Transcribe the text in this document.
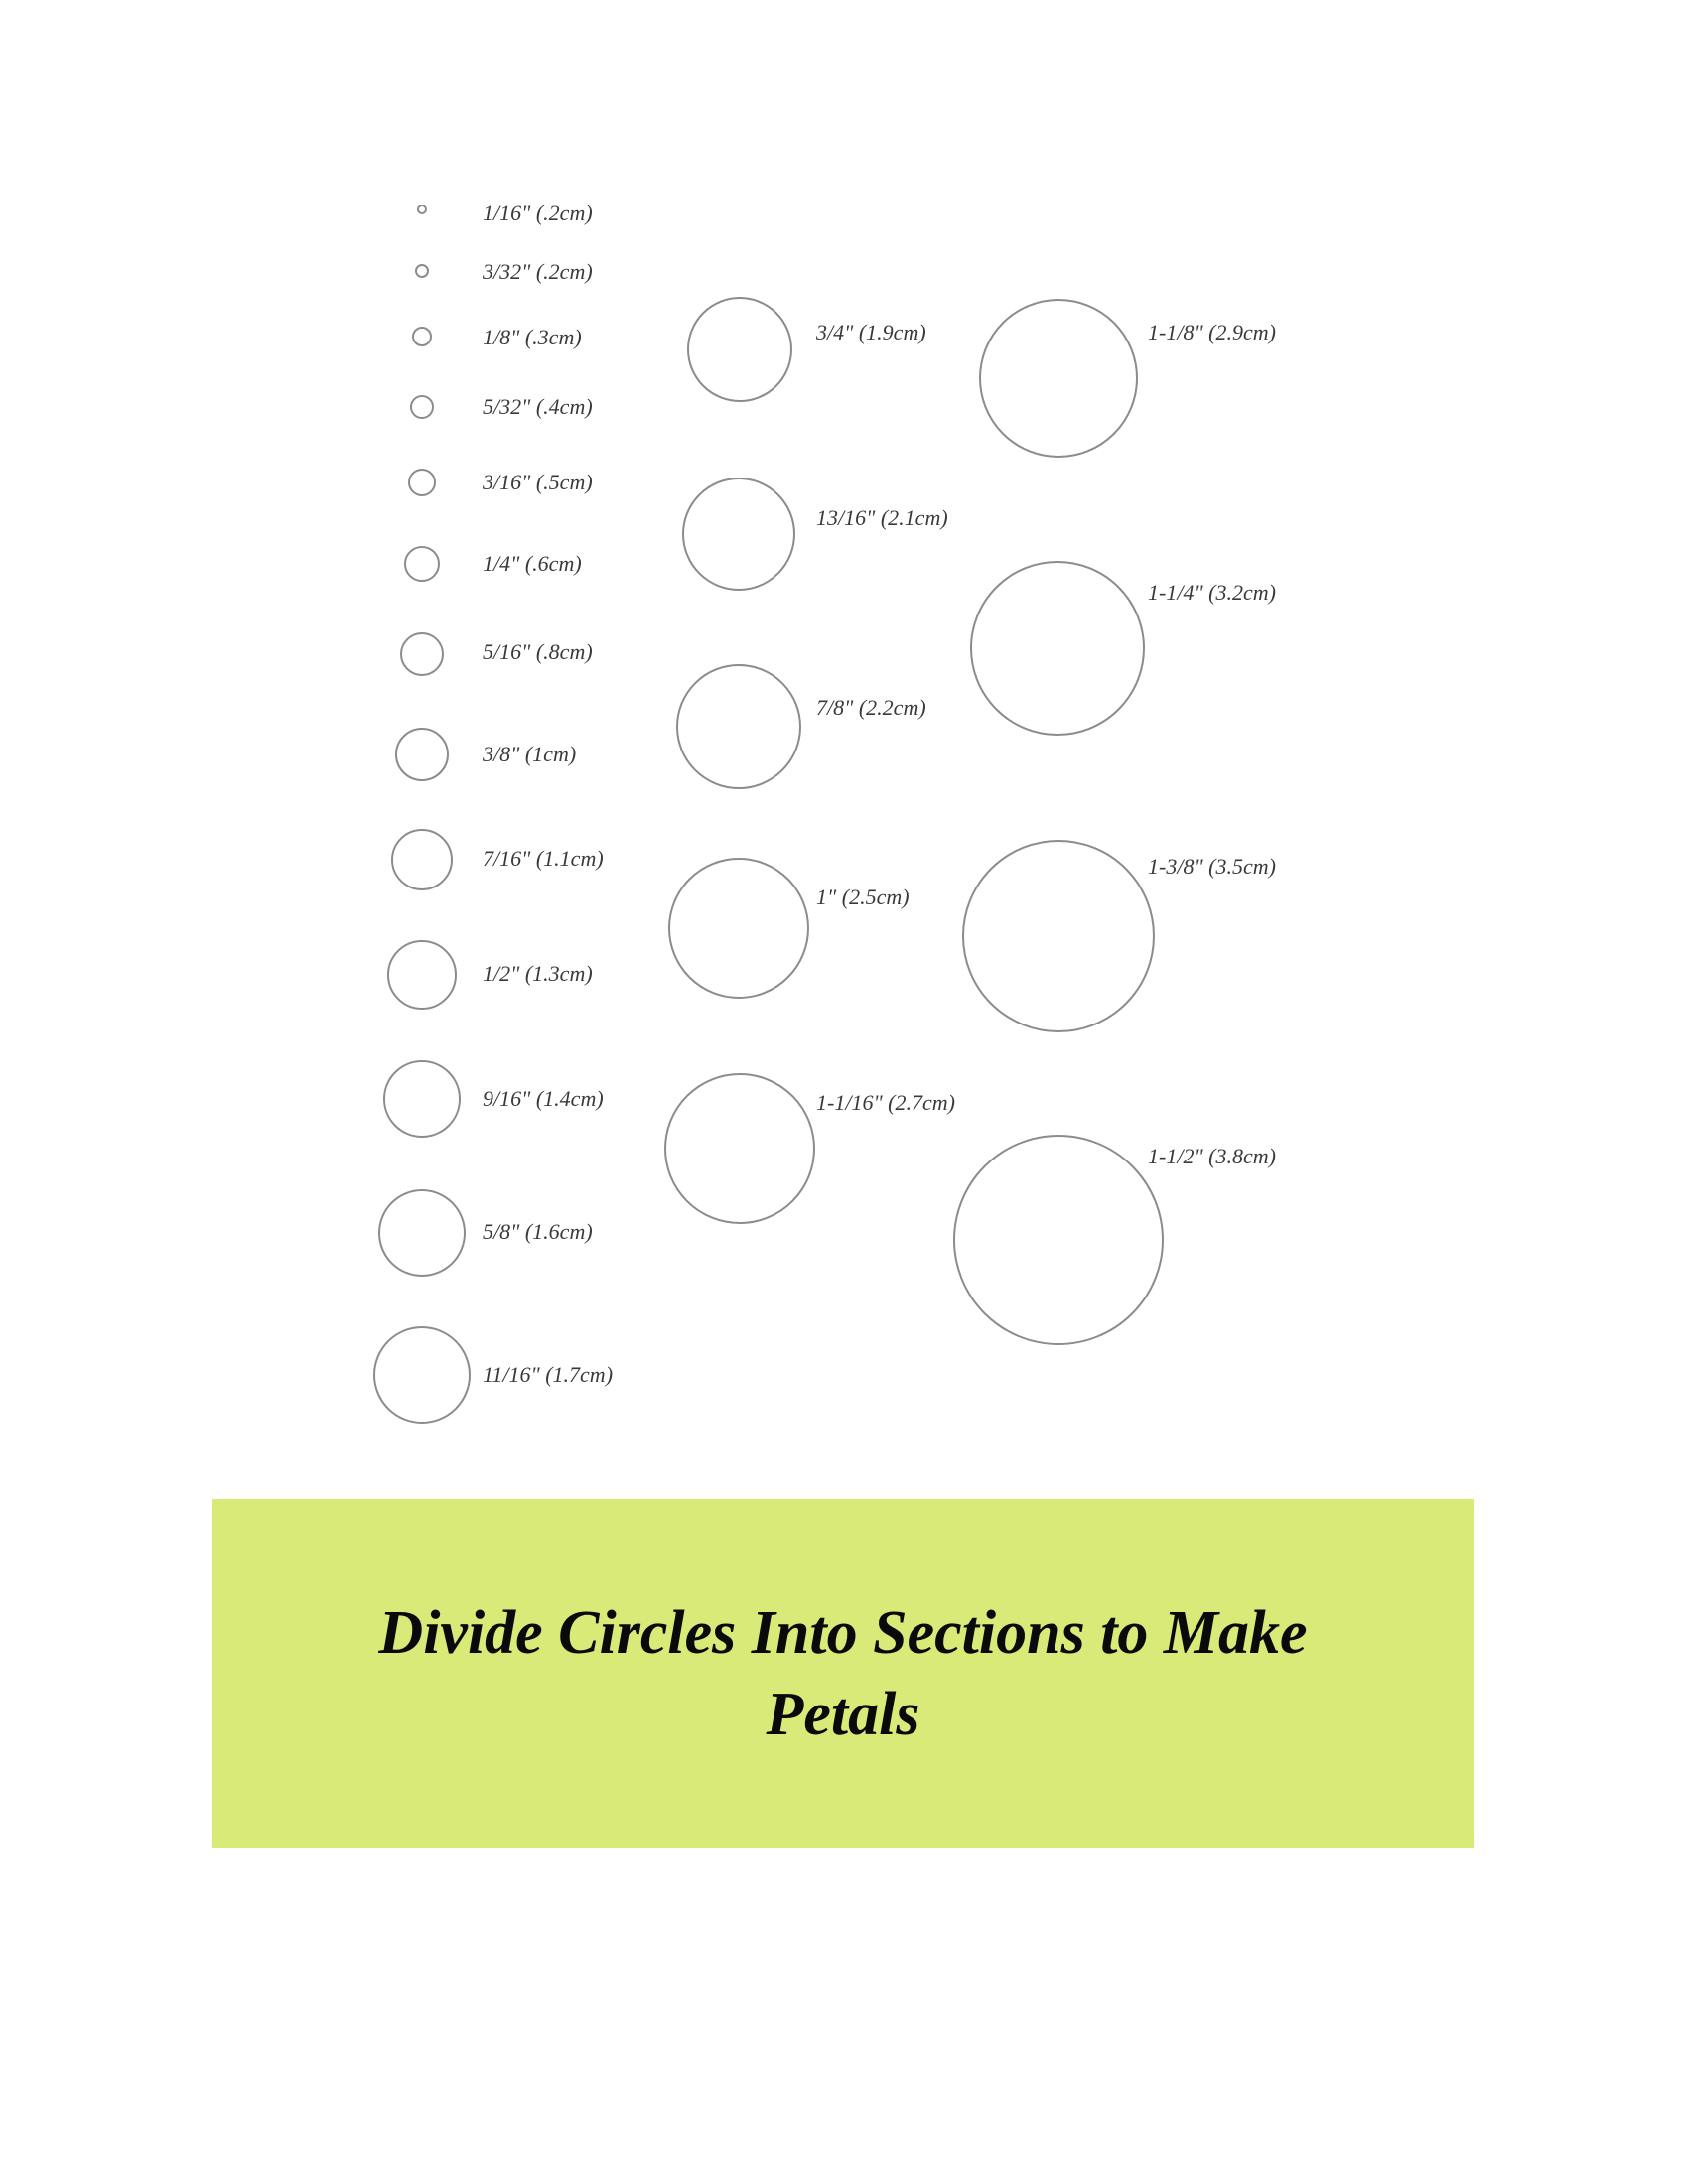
1/16" (.2cm)
3/32" (.2cm)
1/8" (.3cm)
5/32" (.4cm)
3/16" (.5cm)
1/4" (.6cm)
5/16" (.8cm)
3/8" (1cm)
7/16" (1.1cm)
1/2" (1.3cm)
9/16" (1.4cm)
5/8" (1.6cm)
11/16" (1.7cm)
3/4" (1.9cm)
13/16" (2.1cm)
7/8" (2.2cm)
1" (2.5cm)
1-1/16" (2.7cm)
1-1/8" (2.9cm)
1-1/4" (3.2cm)
1-3/8" (3.5cm)
1-1/2" (3.8cm)

Divide Circles Into Sections to Make Petals
